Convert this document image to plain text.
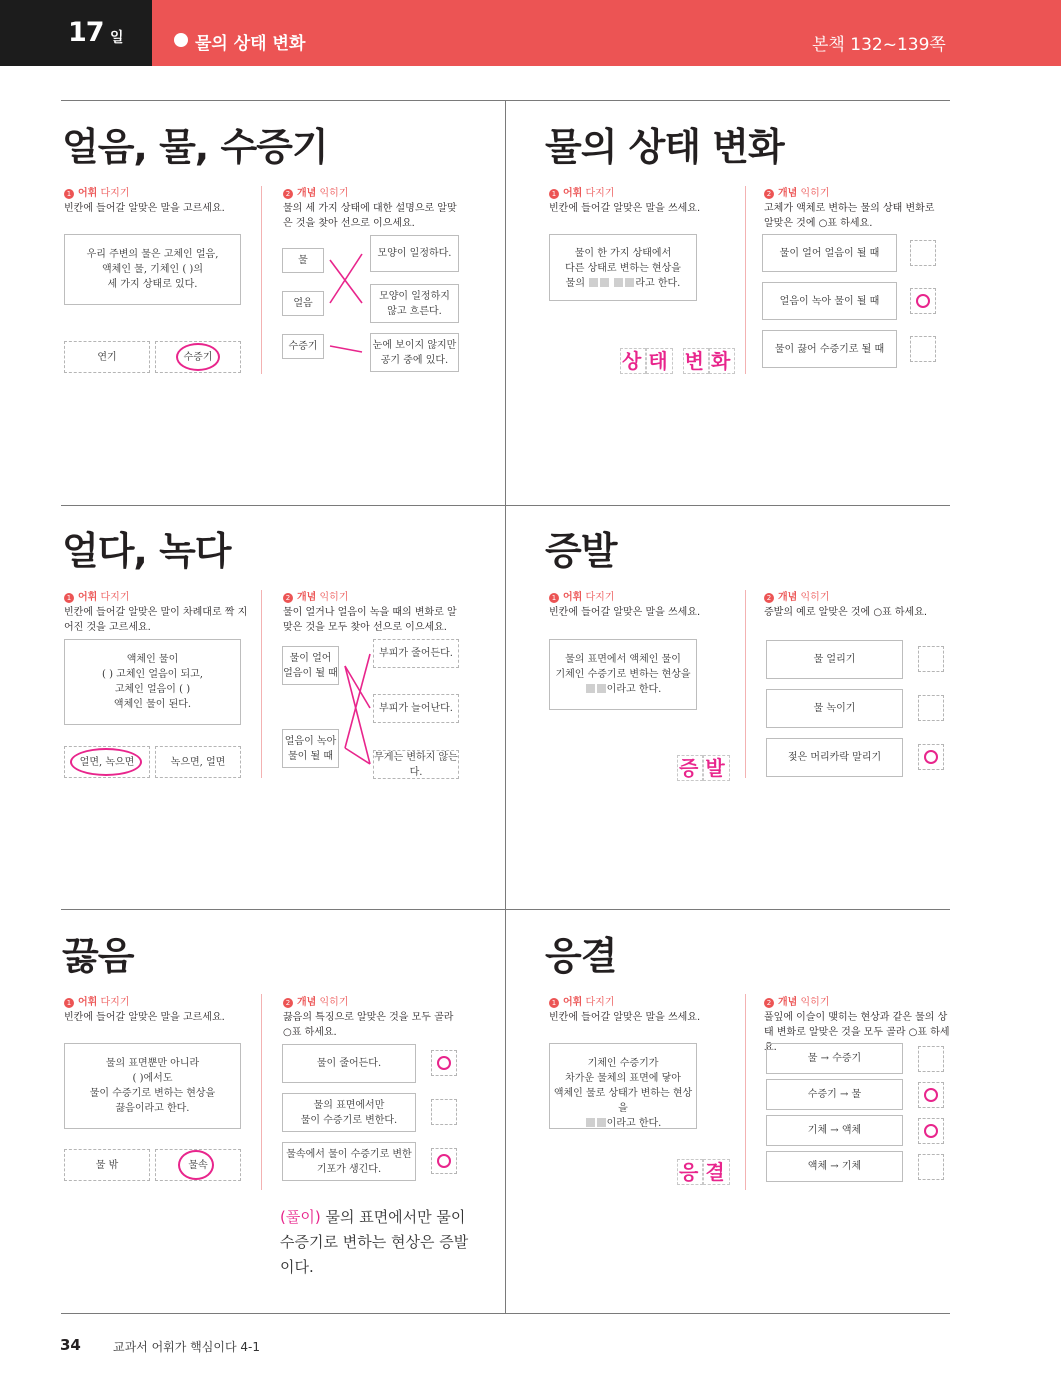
17 일	물의 상태 변화	본책 132~139쪽
얼음, 물, 수증기
1 어휘 다지기
빈칸에 들어갈 알맞은 말을 고르세요.
우리 주변의 물은 고체인 얼음,
액체인 물, 기체인 ( )의
세 가지 상태로 있다.
연기	수증기
2 개념 익히기
물의 세 가지 상태에 대한 설명으로 알맞은 것을 찾아 선으로 이으세요.
물
얼음
수증기
모양이 일정하다.
모양이 일정하지
않고 흐른다.
눈에 보이지 않지만
공기 중에 있다.
물의 상태 변화
1 어휘 다지기
빈칸에 들어갈 알맞은 말을 쓰세요.
물이 한 가지 상태에서
다른 상태로 변하는 현상을
물의	라고 한다.
상 태 변 화
2 개념 익히기
고체가 액체로 변하는 물의 상태 변화로 알맞은 것에 ○표 하세요.
물이 얼어 얼음이 될 때
얼음이 녹아 물이 될 때
물이 끓어 수증기로 될 때
얼다, 녹다
1 어휘 다지기
빈칸에 들어갈 알맞은 말이 차례대로 짝 지어진 것을 고르세요.
액체인 물이
( ) 고체인 얼음이 되고,
고체인 얼음이 ( )
액체인 물이 된다.
얼면, 녹으면	녹으면, 얼면
2 개념 익히기
물이 얼거나 얼음이 녹을 때의 변화로 알맞은 것을 모두 찾아 선으로 이으세요.
물이 얼어
얼음이 될 때
얼음이 녹아
물이 될 때
부피가 줄어든다.
부피가 늘어난다.
무게는 변하지 않는다.
증발
1 어휘 다지기
빈칸에 들어갈 알맞은 말을 쓰세요.
물의 표면에서 액체인 물이
기체인 수증기로 변하는 현상을
이라고 한다.
증 발
2 개념 익히기
증발의 예로 알맞은 것에 ○표 하세요.
물 얼리기
물 녹이기
젖은 머리카락 말리기
끓음
1 어휘 다지기
빈칸에 들어갈 알맞은 말을 고르세요.
물의 표면뿐만 아니라
( )에서도
물이 수증기로 변하는 현상을
끓음이라고 한다.
물 밖	물속
2 개념 익히기
끓음의 특징으로 알맞은 것을 모두 골라 ○표 하세요.
물이 줄어든다.
물의 표면에서만
물이 수증기로 변한다.
물속에서 물이 수증기로 변한
기포가 생긴다.
(풀이) 물의 표면에서만 물이 수증기로 변하는 현상은 증발이다.
응결
1 어휘 다지기
빈칸에 들어갈 알맞은 말을 쓰세요.
기체인 수증기가
차가운 물체의 표면에 닿아
액체인 물로 상태가 변하는 현상을
이라고 한다.
응 결
2 개념 익히기
풀잎에 이슬이 맺히는 현상과 같은 물의 상태 변화로 알맞은 것을 모두 골라 ○표 하세요.
물 → 수증기
수증기 → 물
기체 → 액체
액체 → 기체
34	교과서 어휘가 핵심이다 4-1
